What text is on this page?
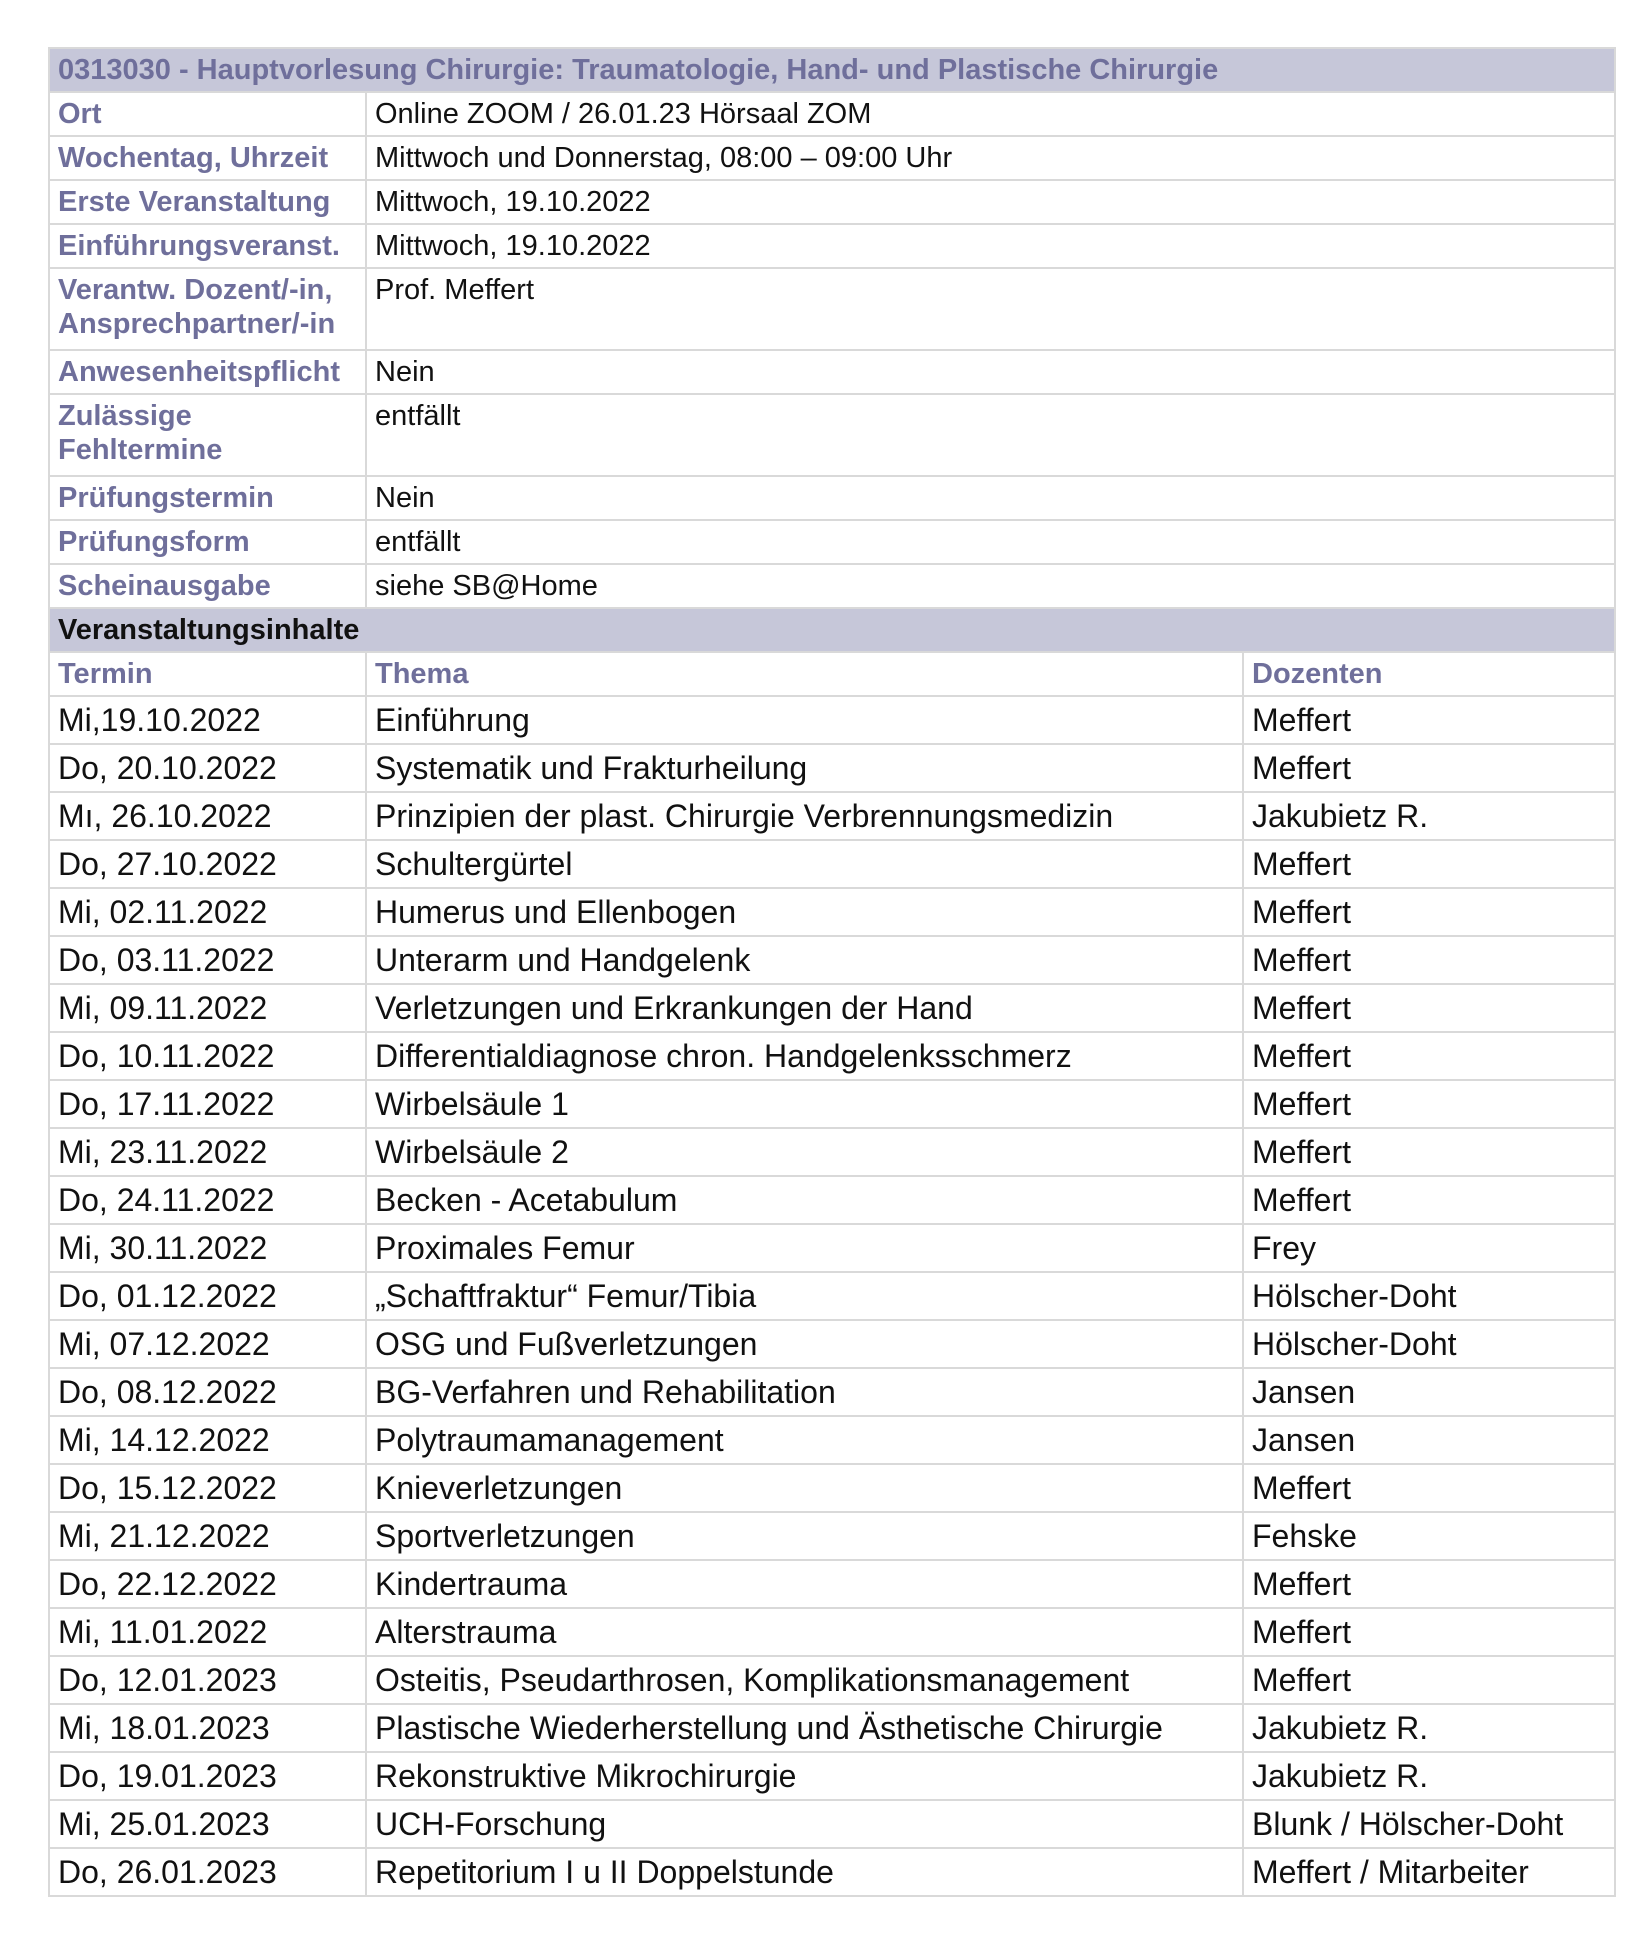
0313030 - Hauptvorlesung Chirurgie: Traumatologie, Hand- und Plastische Chirurgie		
Ort	Online ZOOM / 26.01.23 Hörsaal ZOM	
Wochentag, Uhrzeit	Mittwoch und Donnerstag, 08:00 – 09:00 Uhr	
Erste Veranstaltung	Mittwoch, 19.10.2022	
Einführungsveranst.	Mittwoch, 19.10.2022	
Verantw. Dozent/-in, Ansprechpartner/-in	Prof. Meffert	
Anwesenheitspflicht	Nein	
Zulässige Fehltermine	entfällt	
Prüfungstermin	Nein	
Prüfungsform	entfällt	
Scheinausgabe	siehe SB@Home	
Veranstaltungsinhalte		
Termin	Thema	Dozenten
Mi,19.10.2022	Einführung	Meffert
Do, 20.10.2022	Systematik und Frakturheilung	Meffert
Mı, 26.10.2022	Prinzipien der plast. Chirurgie Verbrennungsmedizin	Jakubietz R.
Do, 27.10.2022	Schultergürtel	Meffert
Mi, 02.11.2022	Humerus und Ellenbogen	Meffert
Do, 03.11.2022	Unterarm und Handgelenk	Meffert
Mi, 09.11.2022	Verletzungen und Erkrankungen der Hand	Meffert
Do, 10.11.2022	Differentialdiagnose chron. Handgelenksschmerz	Meffert
Do, 17.11.2022	Wirbelsäule 1	Meffert
Mi, 23.11.2022	Wirbelsäule 2	Meffert
Do, 24.11.2022	Becken - Acetabulum	Meffert
Mi, 30.11.2022	Proximales Femur	Frey
Do, 01.12.2022	„Schaftfraktur“ Femur/Tibia	Hölscher-Doht
Mi, 07.12.2022	OSG und Fußverletzungen	Hölscher-Doht
Do, 08.12.2022	BG-Verfahren und Rehabilitation	Jansen
Mi, 14.12.2022	Polytraumamanagement	Jansen
Do, 15.12.2022	Knieverletzungen	Meffert
Mi, 21.12.2022	Sportverletzungen	Fehske
Do, 22.12.2022	Kindertrauma	Meffert
Mi, 11.01.2022	Alterstrauma	Meffert
Do, 12.01.2023	Osteitis, Pseudarthrosen, Komplikationsmanagement	Meffert
Mi, 18.01.2023	Plastische Wiederherstellung und Ästhetische Chirurgie	Jakubietz R.
Do, 19.01.2023	Rekonstruktive Mikrochirurgie	Jakubietz R.
Mi, 25.01.2023	UCH-Forschung	Blunk / Hölscher-Doht
Do, 26.01.2023	Repetitorium I u II Doppelstunde	Meffert / Mitarbeiter
